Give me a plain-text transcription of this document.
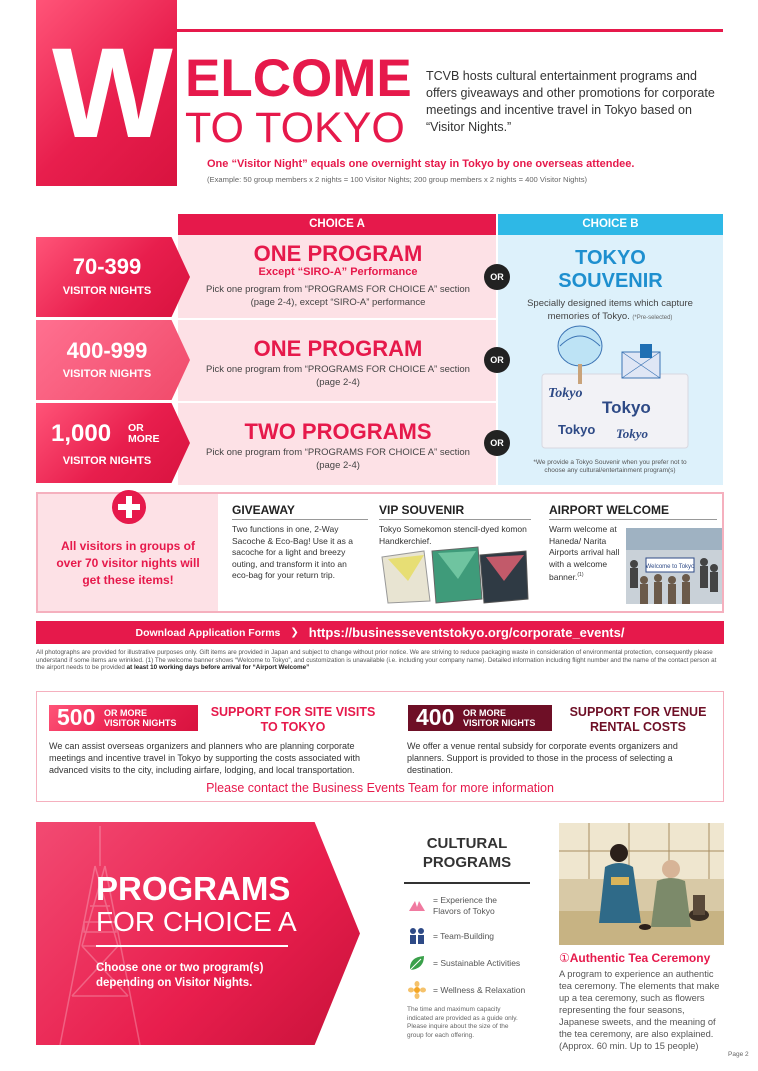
W ELCOME
TO TOKYO
TCVB hosts cultural entertainment programs and offers giveaways and other promotions for corporate meetings and incentive travel in Tokyo based on “Visitor Nights.”
One “Visitor Night” equals one overnight stay in Tokyo by one overseas attendee.
(Example: 50 group members x 2 nights = 100 Visitor Nights; 200 group members x 2 nights = 400 Visitor Nights)
CHOICE A	CHOICE B
70-399
VISITOR NIGHTS
ONE PROGRAM
Except “SIRO-A” Performance
Pick one program from “PROGRAMS FOR CHOICE A” section (page 2-4), except “SIRO-A” performance
OR
400-999
VISITOR NIGHTS
ONE PROGRAM
Pick one program from “PROGRAMS FOR CHOICE A” section (page 2-4)
OR
1,000 OR MORE
VISITOR NIGHTS
TWO PROGRAMS
Pick one program from “PROGRAMS FOR CHOICE A” section (page 2-4)
OR
TOKYO
SOUVENIR
Specially designed items which capture memories of Tokyo. (*Pre-selected)
Tokyo
Tokyo
Tokyo Tokyo
*We provide a Tokyo Souvenir when you prefer not to choose any cultural/entertainment program(s)
All visitors in groups of over 70 visitor nights will get these items!
GIVEAWAY
Two functions in one, 2-Way Sacoche & Eco-Bag! Use it as a sacoche for a light and breezy outing, and transform it into an eco-bag for your return trip.
VIP SOUVENIR
Tokyo Somekomon stencil-dyed komon Handkerchief.
AIRPORT WELCOME
Warm welcome at Haneda/ Narita Airports arrival hall with a welcome banner.$^{(1)}$
Welcome to Tokyo
Download Application Forms ❯ https://businesseventstokyo.org/corporate_events/
All photographs are provided for illustrative purposes only. Gift items are provided in Japan and subject to change without prior notice. We are striving to reduce packaging waste in consideration of environmental protection, consequently please understand if some items are wrinkled. (1) The welcome banner shows “Welcome to Tokyo”, and customization is unavailable (i.e. including your company name). Detailed information including flight number and the name of the contact person at the airport needs to be provided at least 10 working days before arrival for “Airport Welcome”
500 OR MORE
VISITOR NIGHTS
SUPPORT FOR SITE VISITS TO TOKYO
We can assist overseas organizers and planners who are planning corporate meetings and incentive travel in Tokyo by supporting the costs associated with advanced visits to the city, including airfare, lodging, and local transportation.
400 OR MORE
VISITOR NIGHTS
SUPPORT FOR VENUE RENTAL COSTS
We offer a venue rental subsidy for corporate events organizers and planners. Support is provided to those in the process of selecting a destination.
Please contact the Business Events Team for more information
PROGRAMS
FOR CHOICE A
Choose one or two program(s) depending on Visitor Nights.
CULTURAL PROGRAMS
= Experience the Flavors of Tokyo
= Team-Building
= Sustainable Activities
= Wellness & Relaxation
The time and maximum capacity indicated are provided as a guide only. Please inquire about the size of the group for each offering.
①Authentic Tea Ceremony
A program to experience an authentic tea ceremony. The elements that make up a tea ceremony, such as flowers representing the four seasons, Japanese sweets, and the meaning of the tea ceremony, are also explained. (Approx. 60 min. Up to 15 people)
Page 2
